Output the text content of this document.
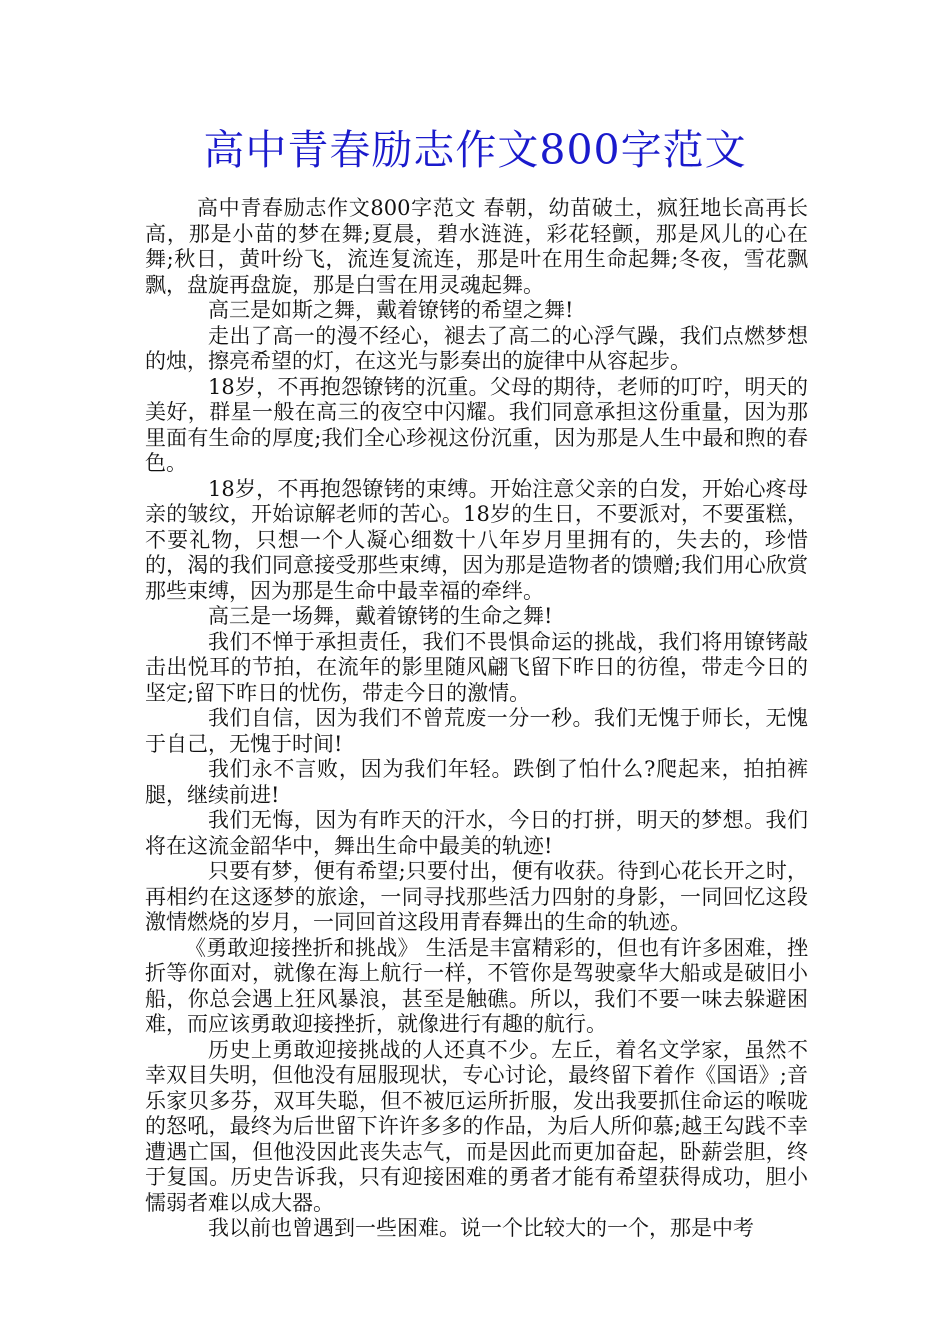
高中青春励志作文800字范文

高中青春励志作文800字范文 春朝，幼苗破土，疯狂地长高再长高，那是小苗的梦在舞;夏晨，碧水涟涟，彩花轻颤，那是风儿的心在舞;秋日，黄叶纷飞，流连复流连，那是叶在用生命起舞;冬夜，雪花飘飘，盘旋再盘旋，那是白雪在用灵魂起舞。

高三是如斯之舞，戴着镣铐的希望之舞!

走出了高一的漫不经心，褪去了高二的心浮气躁，我们点燃梦想的烛，擦亮希望的灯，在这光与影奏出的旋律中从容起步。

18岁，不再抱怨镣铐的沉重。父母的期待，老师的叮咛，明天的美好，群星一般在高三的夜空中闪耀。我们同意承担这份重量，因为那里面有生命的厚度;我们全心珍视这份沉重，因为那是人生中最和煦的春色。

18岁，不再抱怨镣铐的束缚。开始注意父亲的白发，开始心疼母亲的皱纹，开始谅解老师的苦心。18岁的生日，不要派对，不要蛋糕，不要礼物，只想一个人凝心细数十八年岁月里拥有的，失去的，珍惜的，渴的我们同意接受那些束缚，因为那是造物者的馈赠;我们用心欣赏那些束缚，因为那是生命中最幸福的牵绊。

高三是一场舞，戴着镣铐的生命之舞!

我们不惮于承担责任，我们不畏惧命运的挑战，我们将用镣铐敲击出悦耳的节拍，在流年的影里随风翩飞留下昨日的彷徨，带走今日的坚定;留下昨日的忧伤，带走今日的激情。

我们自信，因为我们不曾荒废一分一秒。我们无愧于师长，无愧于自己，无愧于时间!

我们永不言败，因为我们年轻。跌倒了怕什么?爬起来，拍拍裤腿，继续前进!

我们无悔，因为有昨天的汗水，今日的打拼，明天的梦想。我们将在这流金韶华中，舞出生命中最美的轨迹!

只要有梦，便有希望;只要付出，便有收获。待到心花长开之时，再相约在这逐梦的旅途，一同寻找那些活力四射的身影，一同回忆这段激情燃烧的岁月，一同回首这段用青春舞出的生命的轨迹。

《勇敢迎接挫折和挑战》 生活是丰富精彩的，但也有许多困难，挫折等你面对，就像在海上航行一样，不管你是驾驶豪华大船或是破旧小船，你总会遇上狂风暴浪，甚至是触礁。所以，我们不要一味去躲避困难，而应该勇敢迎接挫折，就像进行有趣的航行。

历史上勇敢迎接挑战的人还真不少。左丘，着名文学家，虽然不幸双目失明，但他没有屈服现状，专心讨论，最终留下着作《国语》;音乐家贝多芬，双耳失聪，但不被厄运所折服，发出我要抓住命运的喉咙的怒吼，最终为后世留下许许多多的作品，为后人所仰慕;越王勾践不幸遭遇亡国，但他没因此丧失志气，而是因此而更加奋起，卧薪尝胆，终于复国。历史告诉我，只有迎接困难的勇者才能有希望获得成功，胆小懦弱者难以成大器。

我以前也曾遇到一些困难。说一个比较大的一个，那是中考
